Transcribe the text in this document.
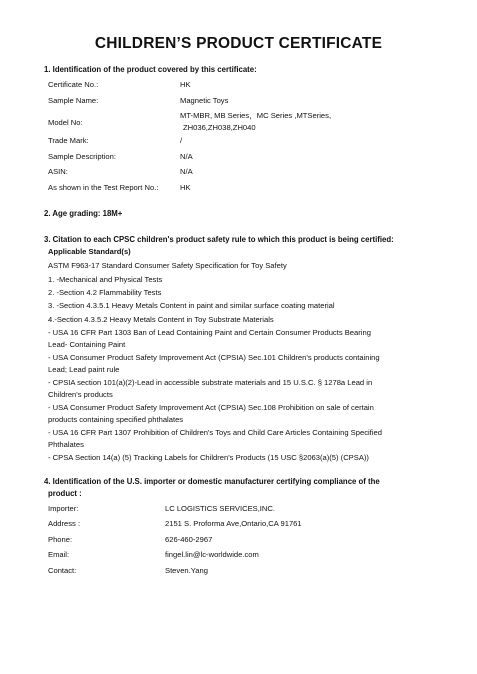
CHILDREN’S PRODUCT CERTIFICATE
1. Identification of the product covered by this certificate:
Certificate No.:	HK
Sample Name:	Magnetic Toys
Model No:
MT-MBR, MB Series，MC Series ,MTSeries,
ZH036,ZH038,ZH040
Trade Mark:	/
Sample Description:	N/A
ASIN:	N/A
As shown in the Test Report No.:	HK
2. Age grading: 18M+
3. Citation to each CPSC children's product safety rule to which this product is being certified:
Applicable Standard(s)
ASTM F963-17 Standard Consumer Safety Specification for Toy Safety
1. -Mechanical and Physical Tests
2. -Section 4.2 Flammability Tests
3. -Section 4.3.5.1 Heavy Metals Content in paint and similar surface coating material
4.-Section 4.3.5.2 Heavy Metals Content in Toy Substrate Materials
- USA 16 CFR Part 1303 Ban of Lead Containing Paint and Certain Consumer Products Bearing
Lead- Containing Paint
- USA Consumer Product Safety Improvement Act (CPSIA) Sec.101 Children’s products containing
Lead; Lead paint rule
- CPSIA section 101(a)(2)-Lead in accessible substrate materials and 15 U.S.C. § 1278a Lead in
Children's products
- USA Consumer Product Safety Improvement Act (CPSIA) Sec.108 Prohibition on sale of certain
products containing specified phthalates
- USA 16 CFR Part 1307 Prohibition of Children's Toys and Child Care Articles Containing Specified
Phthalates
- CPSA Section 14(a) (5) Tracking Labels for Children's Products (15 USC §2063(a)(5) (CPSA))
4. Identification of the U.S. importer or domestic manufacturer certifying compliance of the
product :
Importer:	LC LOGISTICS SERVICES,INC.
Address :	2151 S. Proforma Ave,Ontario,CA 91761
Phone:	626-460-2967
Email:	fingel.lin@lc-worldwide.com
Contact:	Steven.Yang
